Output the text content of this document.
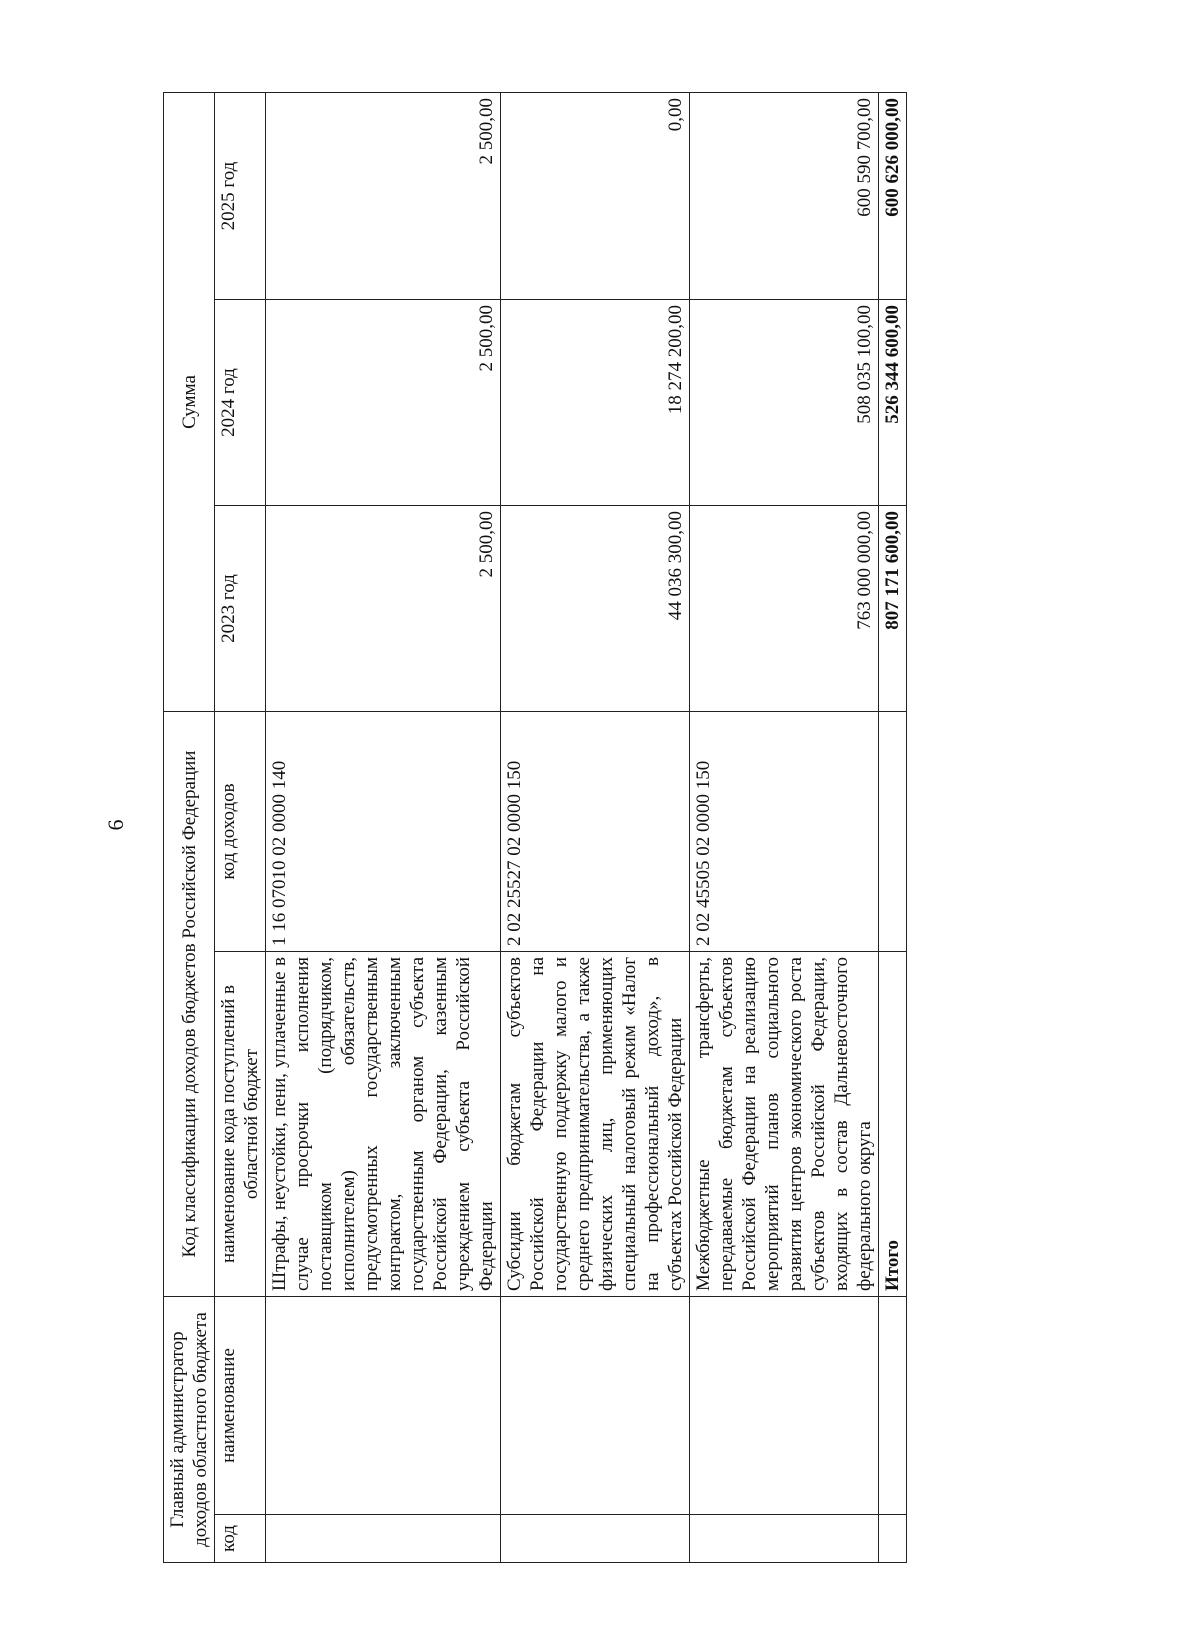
6
Главный администратор доходов областного бюджета		Код классификации доходов бюджетов Российской Федерации		Сумма		
код	наименование	наименование кода поступлений в областной бюджет	код доходов	2023 год	2024 год	2025 год
		Штрафы, неустойки, пени, уплаченные в случае просрочки исполнения поставщиком (подрядчиком, исполнителем) обязательств, предусмотренных государственным контрактом, заключенным государственным органом субъекта Российской Федерации, казенным учреждением субъекта Российской Федерации	1 16 07010 02 0000 140	2 500,00	2 500,00	2 500,00
		Субсидии бюджетам субъектов Российской Федерации на государственную поддержку малого и среднего предпринимательства, а также физических лиц, применяющих специальный налоговый режим «Налог на профессиональный доход», в субъектах Российской Федерации	2 02 25527 02 0000 150	44 036 300,00	18 274 200,00	0,00
		Межбюджетные трансферты, передаваемые бюджетам субъектов Российской Федерации на реализацию мероприятий планов социального развития центров экономического роста субъектов Российской Федерации, входящих в состав Дальневосточного федерального округа	2 02 45505 02 0000 150	763 000 000,00	508 035 100,00	600 590 700,00
		Итого		807 171 600,00	526 344 600,00	600 626 000,00
